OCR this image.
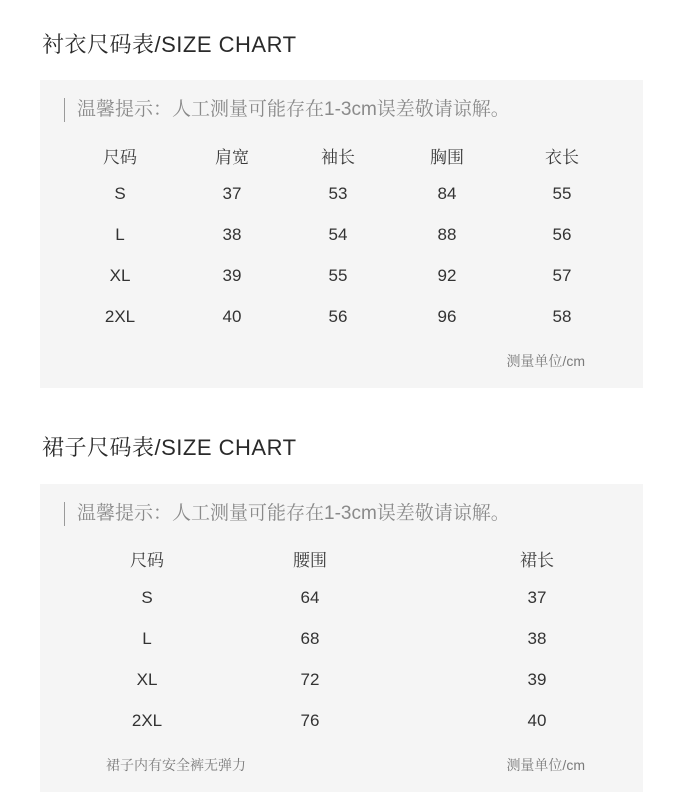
衬衣尺码表/SIZE CHART
温馨提示：人工测量可能存在1-3cm误差敬请谅解。
尺码	肩宽	袖长	胸围	衣长
S	37	53	84	55
L	38	54	88	56
XL	39	55	92	57
2XL	40	56	96	58
测量单位/cm
裙子尺码表/SIZE CHART
温馨提示：人工测量可能存在1-3cm误差敬请谅解。
尺码	腰围	裙长
S	64	37
L	68	38
XL	72	39
2XL	76	40
裙子内有安全裤无弹力	测量单位/cm
